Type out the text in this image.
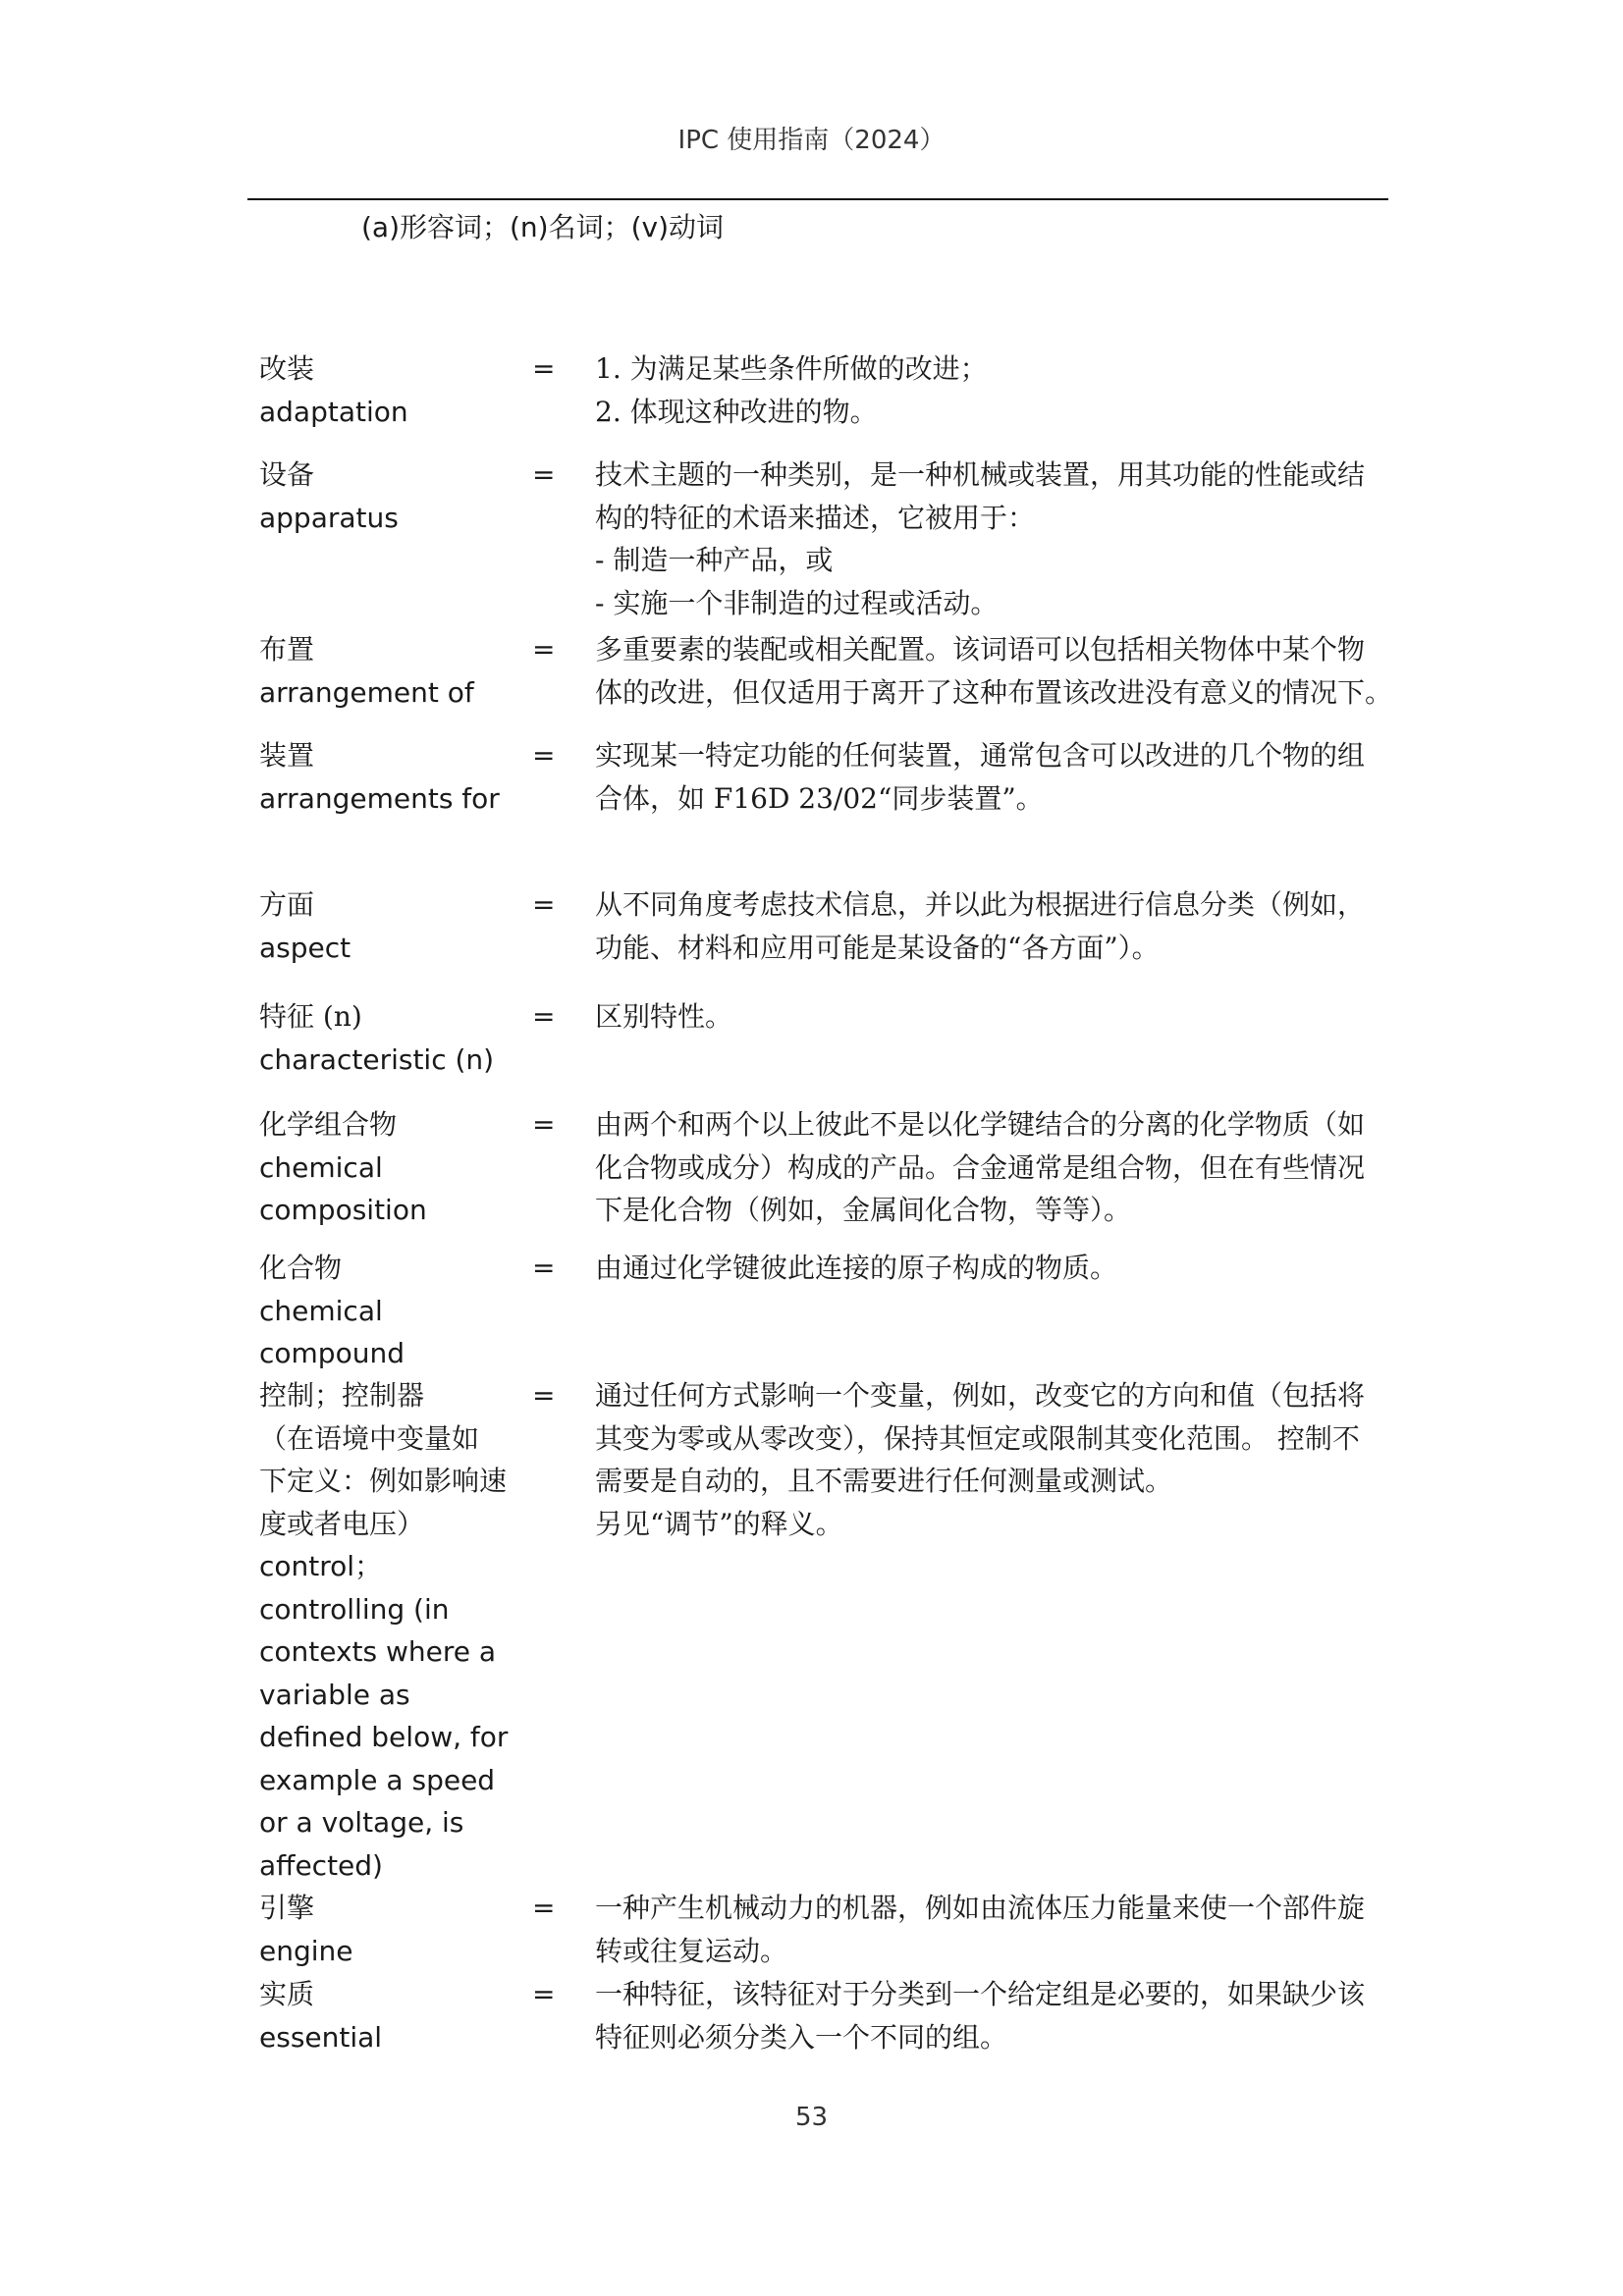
IPC 使用指南（2024）
(a)形容词；(n)名词；(v)动词
改装
adaptation
= 1. 为满足某些条件所做的改进；
2. 体现这种改进的物。
设备
apparatus
= 技术主题的一种类别，是一种机械或装置，用其功能的性能或结
构的特征的术语来描述，它被用于：
- 制造一种产品，或
- 实施一个非制造的过程或活动。
布置
arrangement of
= 多重要素的装配或相关配置。该词语可以包括相关物体中某个物
体的改进，但仅适用于离开了这种布置该改进没有意义的情况下。
装置
arrangements for
= 实现某一特定功能的任何装置，通常包含可以改进的几个物的组
合体，如 F16D 23/02“同步装置”。
方面
aspect
= 从不同角度考虑技术信息，并以此为根据进行信息分类（例如，
功能、材料和应用可能是某设备的“各方面”）。
特征 (n)
characteristic (n)
= 区别特性。
化学组合物
chemical
composition
= 由两个和两个以上彼此不是以化学键结合的分离的化学物质（如
化合物或成分）构成的产品。合金通常是组合物，但在有些情况
下是化合物（例如，金属间化合物，等等）。
化合物
chemical
compound
= 由通过化学键彼此连接的原子构成的物质。
控制；控制器
（在语境中变量如
下定义：例如影响速
度或者电压）
control；
controlling (in
contexts where a
variable as
defined below, for
example a speed
or a voltage, is
affected)
= 通过任何方式影响一个变量，例如，改变它的方向和值（包括将
其变为零或从零改变），保持其恒定或限制其变化范围。 控制不
需要是自动的，且不需要进行任何测量或测试。
另见“调节”的释义。
引擎
engine
= 一种产生机械动力的机器，例如由流体压力能量来使一个部件旋
转或往复运动。
实质
essential
= 一种特征，该特征对于分类到一个给定组是必要的，如果缺少该
特征则必须分类入一个不同的组。
53
